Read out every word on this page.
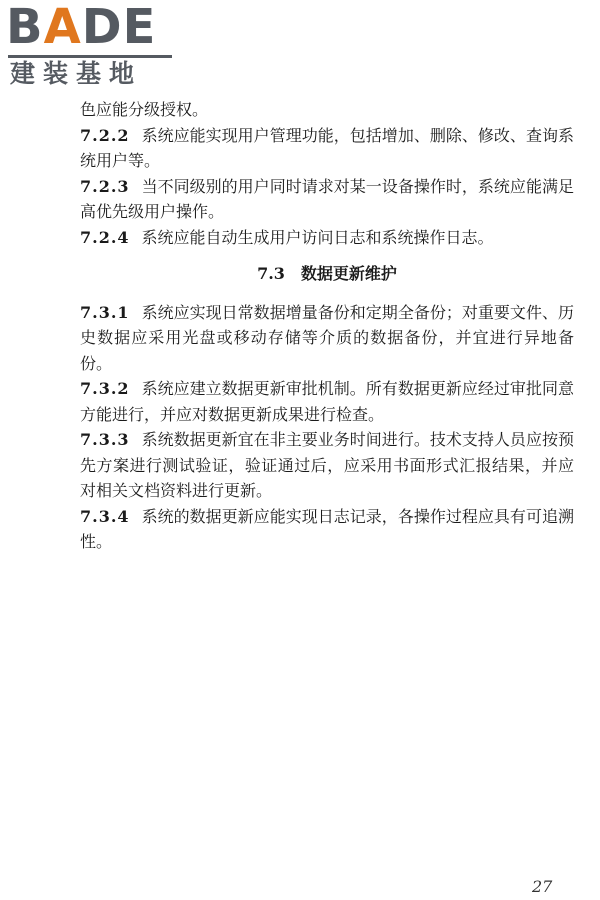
BADE
建装基地

色应能分级授权。

7.2.2 系统应能实现用户管理功能，包括增加、删除、修改、查询系统用户等。

7.2.3 当不同级别的用户同时请求对某一设备操作时，系统应能满足高优先级用户操作。

7.2.4 系统应能自动生成用户访问日志和系统操作日志。

7.3 数据更新维护

7.3.1 系统应实现日常数据增量备份和定期全备份；对重要文件、历史数据应采用光盘或移动存储等介质的数据备份，并宜进行异地备份。

7.3.2 系统应建立数据更新审批机制。所有数据更新应经过审批同意方能进行，并应对数据更新成果进行检查。

7.3.3 系统数据更新宜在非主要业务时间进行。技术支持人员应按预先方案进行测试验证，验证通过后，应采用书面形式汇报结果，并应对相关文档资料进行更新。

7.3.4 系统的数据更新应能实现日志记录，各操作过程应具有可追溯性。

27
